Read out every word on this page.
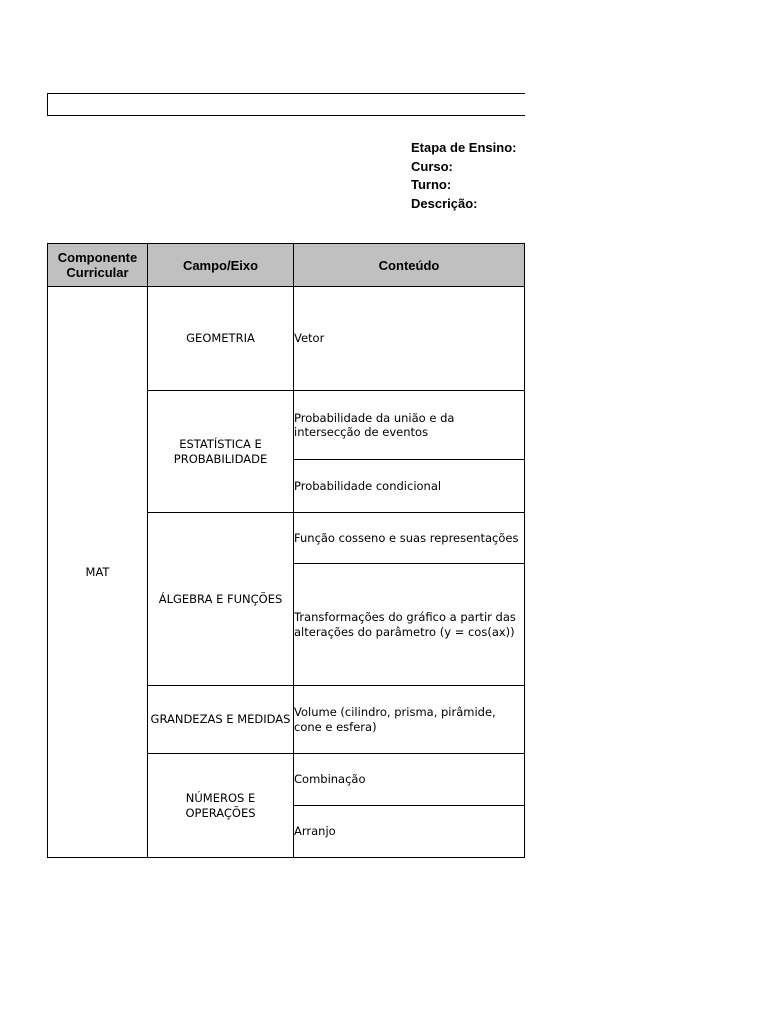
Etapa de Ensino:
Curso:
Turno:
Descrição:
Componente Curricular	Campo/Eixo	Conteúdo
MAT	GEOMETRIA	Vetor
	ESTATÍSTICA E PROBABILIDADE	Probabilidade da união e da intersecção de eventos
		Probabilidade condicional
	ÁLGEBRA E FUNÇÕES	Função cosseno e suas representações
		Transformações do gráfico a partir das alterações do parâmetro (y = cos(ax))
	GRANDEZAS E MEDIDAS	Volume (cilindro, prisma, pirâmide, cone e esfera)
	NÚMEROS E OPERAÇÕES	Combinação
		Arranjo
